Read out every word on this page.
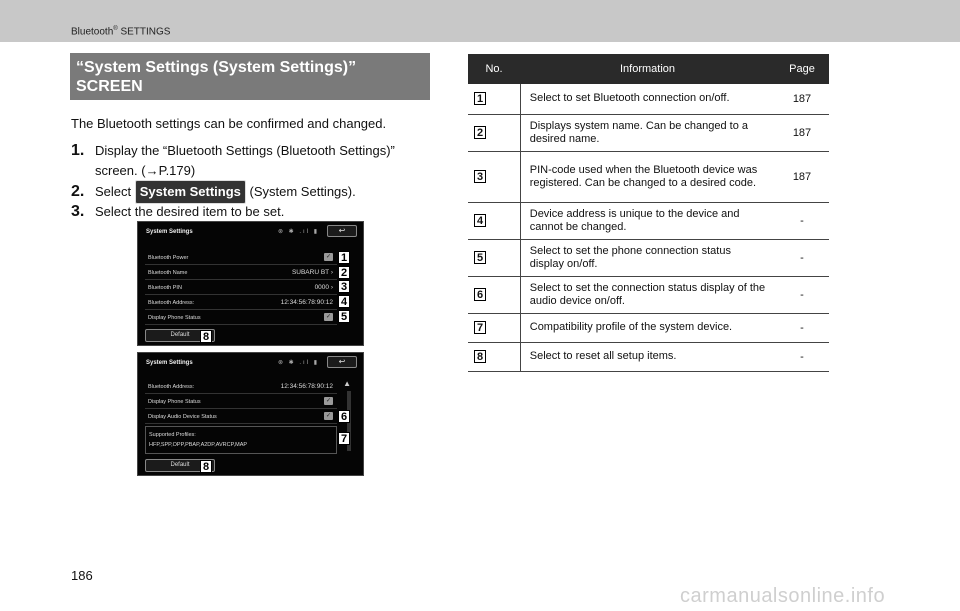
Bluetooth® SETTINGS
“System Settings (System Settings)”
SCREEN
The Bluetooth settings can be confirmed and changed.
1. Display the “Bluetooth Settings (Bluetooth Settings)”
screen. (→P.179)
2. Select System Settings (System Settings).
3. Select the desired item to be set.
System Settings	⊗ ✱ .ıl ▮	↩
Bluetooth Power	✓
Bluetooth Name	SUBARU BT ›
Bluetooth PIN	0000 ›
Bluetooth Address:	12:34:56:78:90:12
Display Phone Status	✓
Default
1
2
3
4
5
8
System Settings	⊗ ✱ .ıl ▮	↩
Bluetooth Address:	12:34:56:78:90:12
Display Phone Status	✓
Display Audio Device Status	✓
Supported Profiles:
HFP,SPP,OPP,PBAP,A2DP,AVRCP,MAP
▲
Default
6
7
8
No.	Information	Page
1	Select to set Bluetooth connection on/off.	187
2	Displays system name. Can be changed to a desired name.	187
3	PIN-code used when the Bluetooth device was registered. Can be changed to a desired code.	187
4	Device address is unique to the device and cannot be changed.	-
5	Select to set the phone connection status display on/off.	-
6	Select to set the connection status display of the audio device on/off.	-
7	Compatibility profile of the system device.	-
8	Select to reset all setup items.	-
186
carmanualsonline.info
